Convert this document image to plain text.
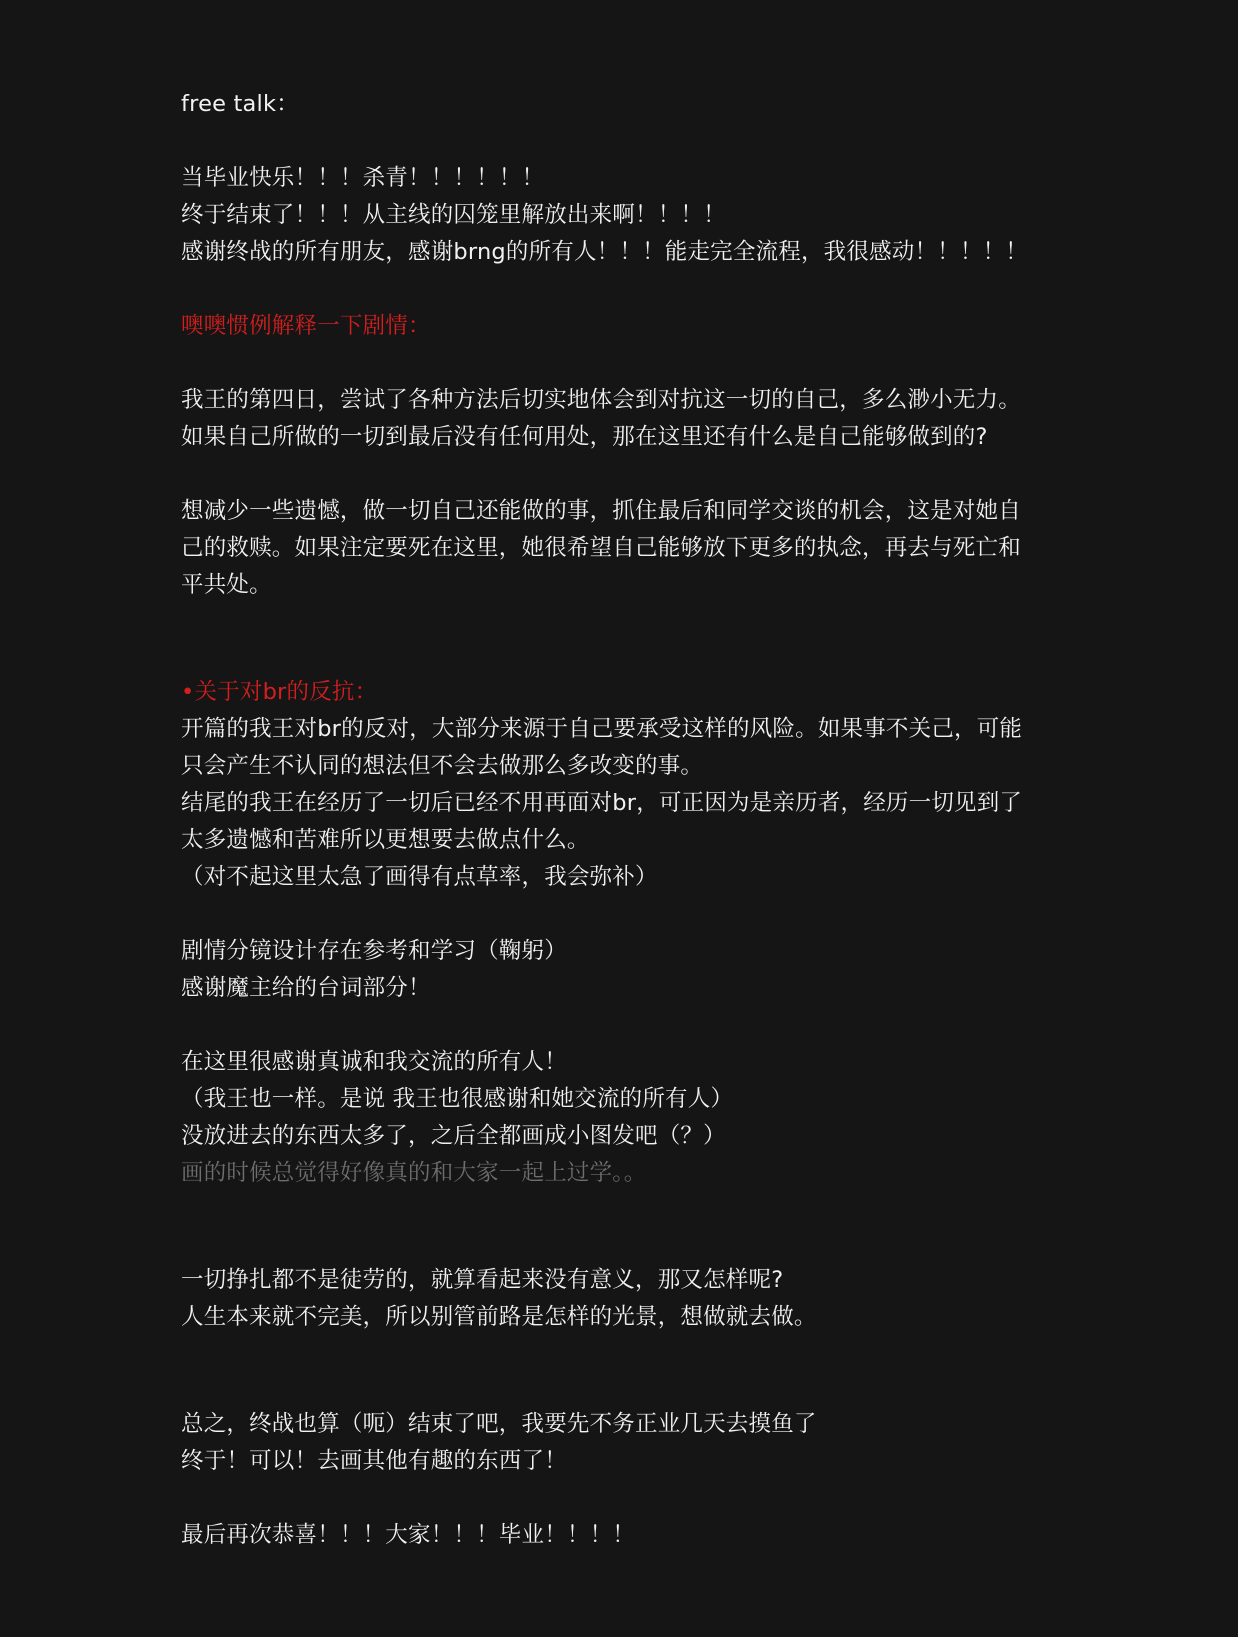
free talk：
当毕业快乐！！！杀青！！！！！！
终于结束了！！！从主线的囚笼里解放出来啊！！！！
感谢终战的所有朋友，感谢brng的所有人！！！能走完全流程，我很感动！！！！！
噢噢惯例解释一下剧情：
我王的第四日，尝试了各种方法后切实地体会到对抗这一切的自己，多么渺小无力。
如果自己所做的一切到最后没有任何用处，那在这里还有什么是自己能够做到的?
想减少一些遗憾，做一切自己还能做的事，抓住最后和同学交谈的机会，这是对她自
己的救赎。如果注定要死在这里，她很希望自己能够放下更多的执念，再去与死亡和
平共处。
•关于对br的反抗：
开篇的我王对br的反对，大部分来源于自己要承受这样的风险。如果事不关己，可能
只会产生不认同的想法但不会去做那么多改变的事。
结尾的我王在经历了一切后已经不用再面对br，可正因为是亲历者，经历一切见到了
太多遗憾和苦难所以更想要去做点什么。
（对不起这里太急了画得有点草率，我会弥补）
剧情分镜设计存在参考和学习（鞠躬）
感谢魔主给的台词部分！
在这里很感谢真诚和我交流的所有人！
（我王也一样。是说 我王也很感谢和她交流的所有人）
没放进去的东西太多了，之后全都画成小图发吧（？）
画的时候总觉得好像真的和大家一起上过学。。
一切挣扎都不是徒劳的，就算看起来没有意义，那又怎样呢?
人生本来就不完美，所以别管前路是怎样的光景，想做就去做。
总之，终战也算（呃）结束了吧，我要先不务正业几天去摸鱼了
终于！可以！去画其他有趣的东西了！
最后再次恭喜！！！大家！！！毕业！！！！
